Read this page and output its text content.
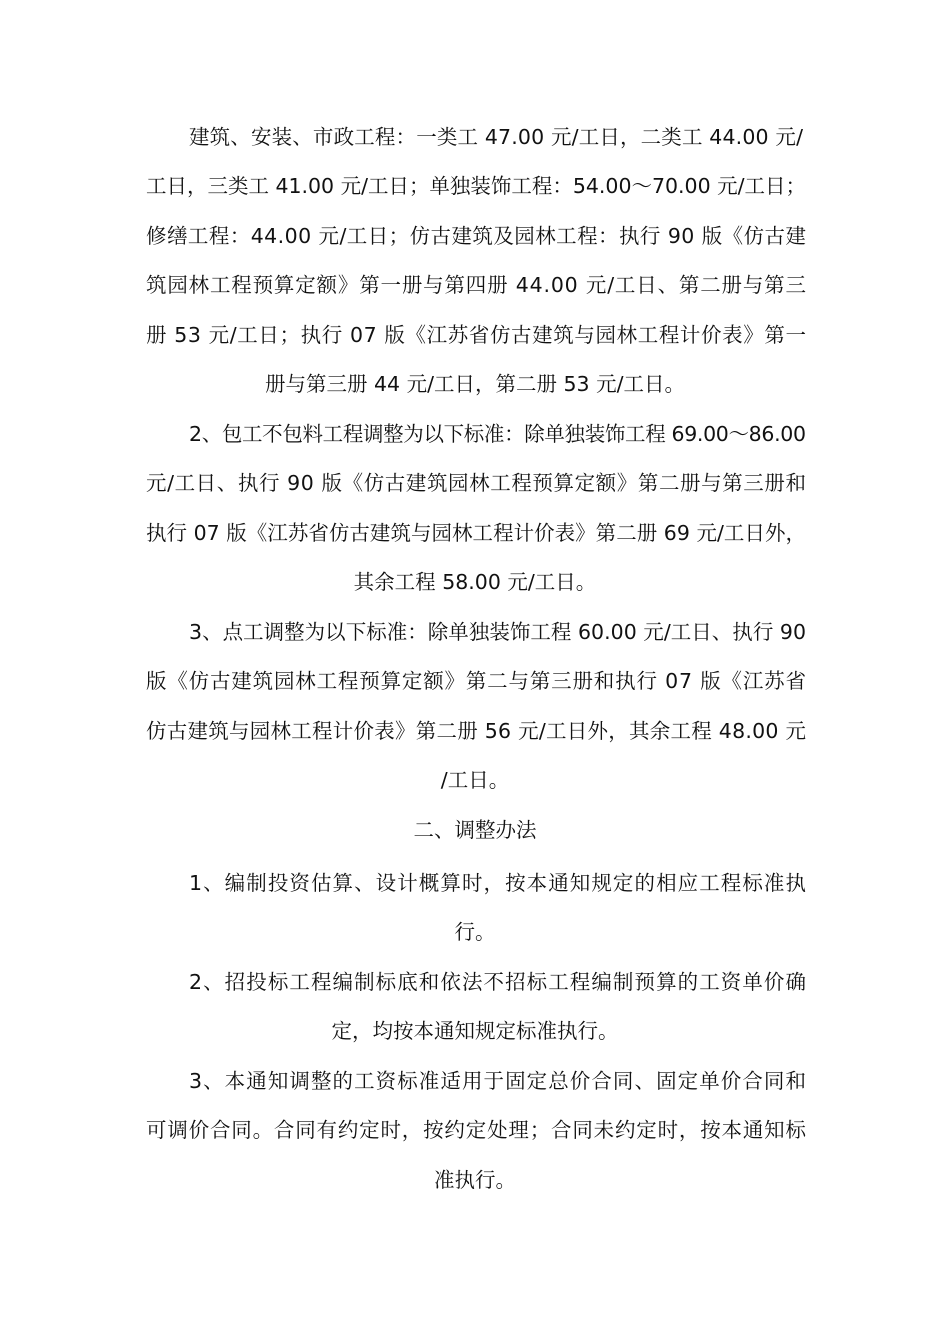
建筑、安装、市政工程：一类工 47.00 元/工日，二类工 44.00 元/
工日，三类工 41.00 元/工日；单独装饰工程：54.00～70.00 元/工日；
修缮工程：44.00 元/工日；仿古建筑及园林工程：执行 90 版《仿古建
筑园林工程预算定额》第一册与第四册 44.00 元/工日、第二册与第三
册 53 元/工日；执行 07 版《江苏省仿古建筑与园林工程计价表》第一
册与第三册 44 元/工日，第二册 53 元/工日。
2、包工不包料工程调整为以下标准：除单独装饰工程 69.00～86.00
元/工日、执行 90 版《仿古建筑园林工程预算定额》第二册与第三册和
执行 07 版《江苏省仿古建筑与园林工程计价表》第二册 69 元/工日外，
其余工程 58.00 元/工日。
3、点工调整为以下标准：除单独装饰工程 60.00 元/工日、执行 90
版《仿古建筑园林工程预算定额》第二与第三册和执行 07 版《江苏省
仿古建筑与园林工程计价表》第二册 56 元/工日外，其余工程 48.00 元
/工日。
二、调整办法
1、编制投资估算、设计概算时，按本通知规定的相应工程标准执
行。
2、招投标工程编制标底和依法不招标工程编制预算的工资单价确
定，均按本通知规定标准执行。
3、本通知调整的工资标准适用于固定总价合同、固定单价合同和
可调价合同。合同有约定时，按约定处理；合同未约定时，按本通知标
准执行。
